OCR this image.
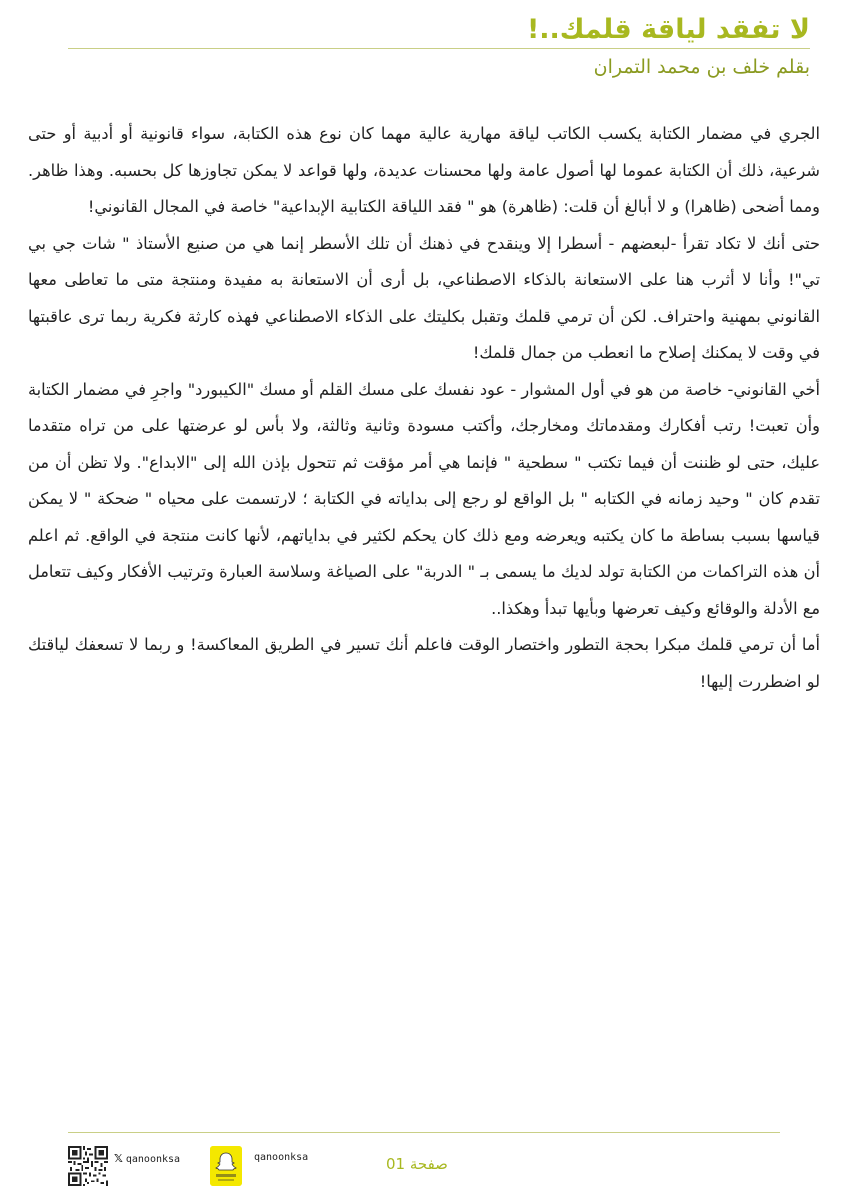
لا تفقد لياقة قلمك..!
بقلم خلف بن محمد التمران

الجري في مضمار الكتابة يكسب الكاتب لياقة مهارية عالية مهما كان نوع هذه الكتابة، سواء قانونية أو أدبية أو حتى شرعية، ذلك أن الكتابة عموما لها أصول عامة ولها محسنات عديدة، ولها قواعد لا يمكن تجاوزها كل بحسبه. وهذا ظاهر. ومما أضحى (ظاهرا) و لا أبالغ أن قلت: (ظاهرة) هو " فقد اللياقة الكتابية الإبداعية" خاصة في المجال القانوني!

حتى أنك لا تكاد تقرأ -لبعضهم - أسطرا إلا وينقدح في ذهنك أن تلك الأسطر إنما هي من صنيع الأستاذ " شات جي بي تي"! وأنا لا أثرب هنا على الاستعانة بالذكاء الاصطناعي، بل أرى أن الاستعانة به مفيدة ومنتجة متى ما تعاطى معها القانوني بمهنية واحتراف. لكن أن ترمي قلمك وتقبل بكليتك على الذكاء الاصطناعي فهذه كارثة فكرية ربما ترى عاقبتها في وقت لا يمكنك إصلاح ما انعطب من جمال قلمك!

أخي القانوني- خاصة من هو في أول المشوار - عود نفسك على مسك القلم أو مسك "الكيبورد" واجرِ في مضمار الكتابة وأن تعبت! رتب أفكارك ومقدماتك ومخارجك، وأكتب مسودة وثانية وثالثة، ولا بأس لو عرضتها على من تراه متقدما عليك، حتى لو ظننت أن فيما تكتب " سطحية " فإنما هي أمر مؤقت ثم تتحول بإذن الله إلى "الابداع". ولا تظن أن من تقدم كان " وحيد زمانه في الكتابه " بل الواقع لو رجع إلى بداياته في الكتابة ؛ لارتسمت على محياه " ضحكة " لا يمكن قياسها بسبب بساطة ما كان يكتبه ويعرضه ومع ذلك كان يحكم لكثير في بداياتهم، لأنها كانت منتجة في الواقع. ثم اعلم أن هذه التراكمات من الكتابة تولد لديك ما يسمى بـ " الدربة" على الصياغة وسلاسة العبارة وترتيب الأفكار وكيف تتعامل مع الأدلة والوقائع وكيف تعرضها وبأيها تبدأ وهكذا..

أما أن ترمي قلمك مبكرا بحجة التطور واختصار الوقت فاعلم أنك تسير في الطريق المعاكسة! و ربما لا تسعفك لياقتك لو اضطررت إليها!

𝕏 qanoonksa	qanoonksa	صفحة 01
